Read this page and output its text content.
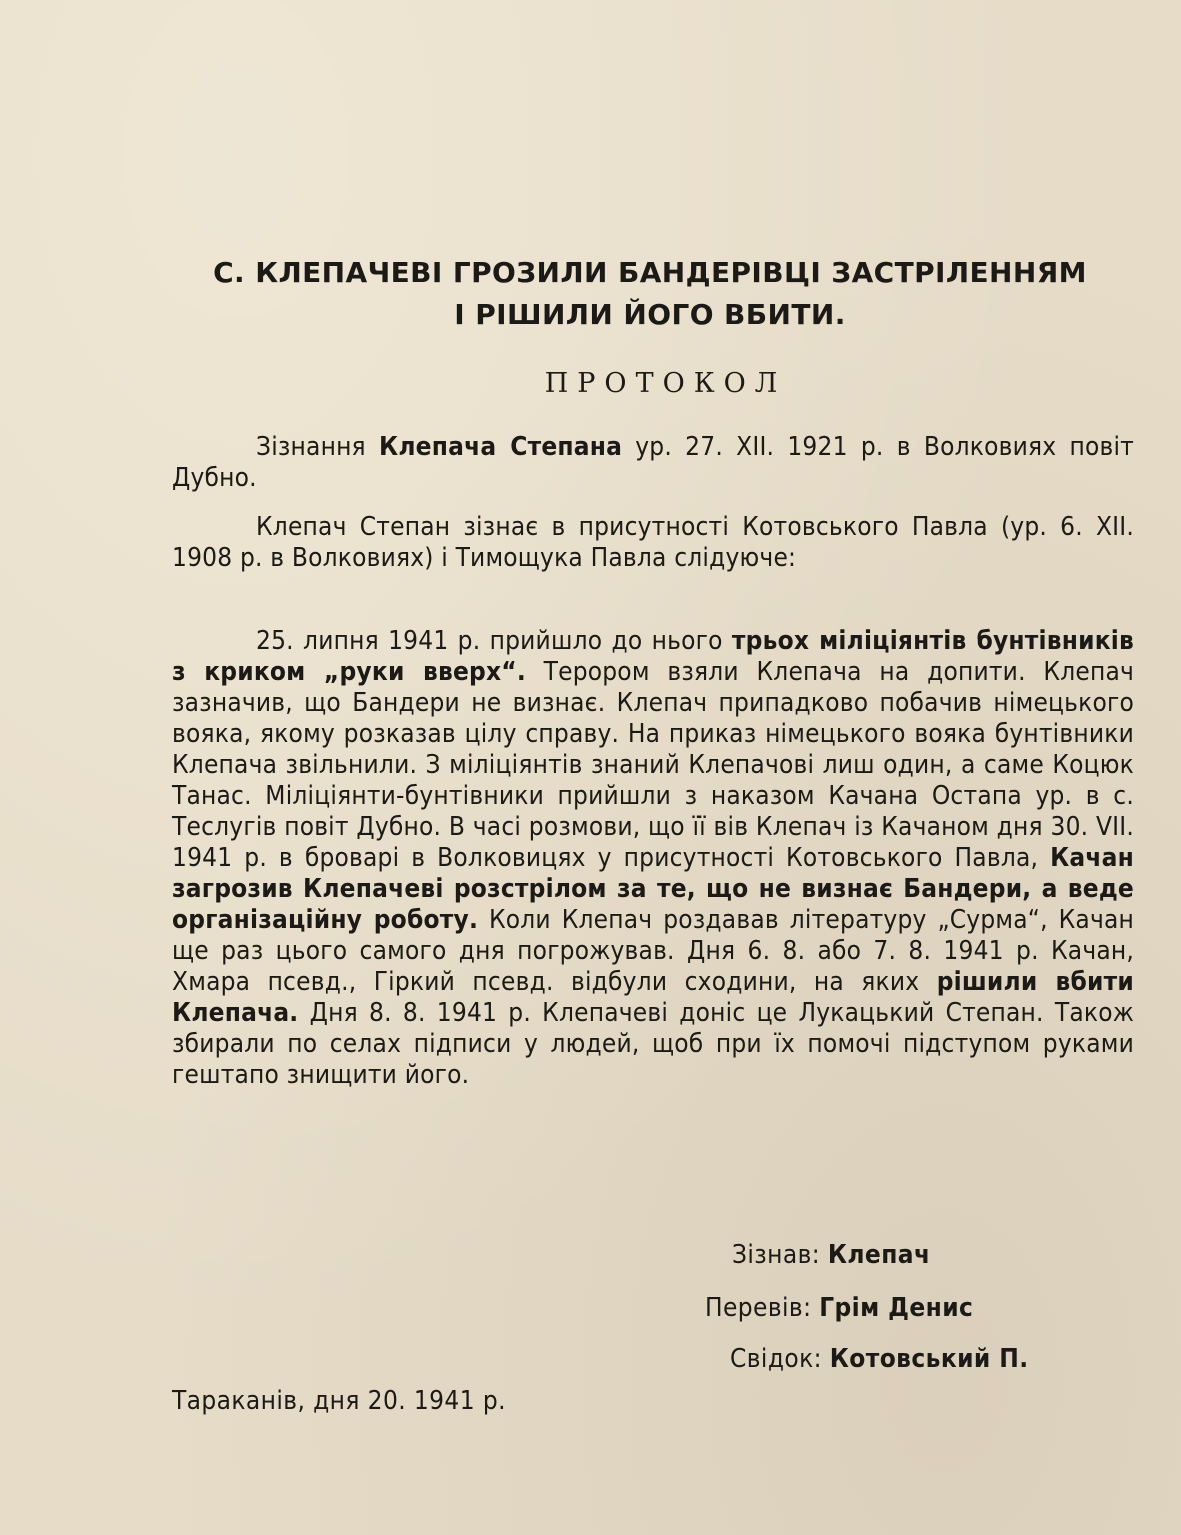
С. КЛЕПАЧЕВІ ГРОЗИЛИ БАНДЕРІВЦІ ЗАСТРІЛЕННЯМ
І РІШИЛИ ЙОГО ВБИТИ.
ПРОТОКОЛ

Зізнання Клепача Степана ур. 27. XII. 1921 р. в Волковиях повіт Дубно.

Клепач Степан зізнає в присутності Котовського Павла (ур. 6. XII. 1908 р. в Волковиях) і Тимощука Павла слідуюче:

25. липня 1941 р. прийшло до нього трьох міліціянтів бунтівників з криком „руки вверх“. Терором взяли Клепача на допити. Клепач зазначив, що Бандери не визнає. Клепач припадково побачив німецького вояка, якому розказав цілу справу. На приказ німецького вояка бунтівники Клепача звільнили. З міліціянтів знаний Клепачові лиш один, а саме Коцюк Танас. Міліціянти-бунтівники прийшли з наказом Качана Остапа ур. в с. Теслугів повіт Дубно. В часі розмови, що її вів Клепач із Качаном дня 30. VII. 1941 р. в броварі в Волковицях у присутності Котовського Павла, Качан загрозив Клепачеві розстрілом за те, що не визнає Бандери, а веде організаційну роботу. Коли Клепач роздавав літературу „Сурма“, Качан ще раз цього самого дня погрожував. Дня 6. 8. або 7. 8. 1941 р. Качан, Хмара псевд., Гіркий псевд. відбули сходини, на яких рішили вбити Клепача. Дня 8. 8. 1941 р. Клепачеві доніс це Лукацький Степан. Також збирали по селах підписи у людей, щоб при їх помочі підступом руками гештапо знищити його.

Зізнав: Клепач
Перевів: Грім Денис
Свідок: Котовський П.
Тараканів, дня 20. 1941 р.
